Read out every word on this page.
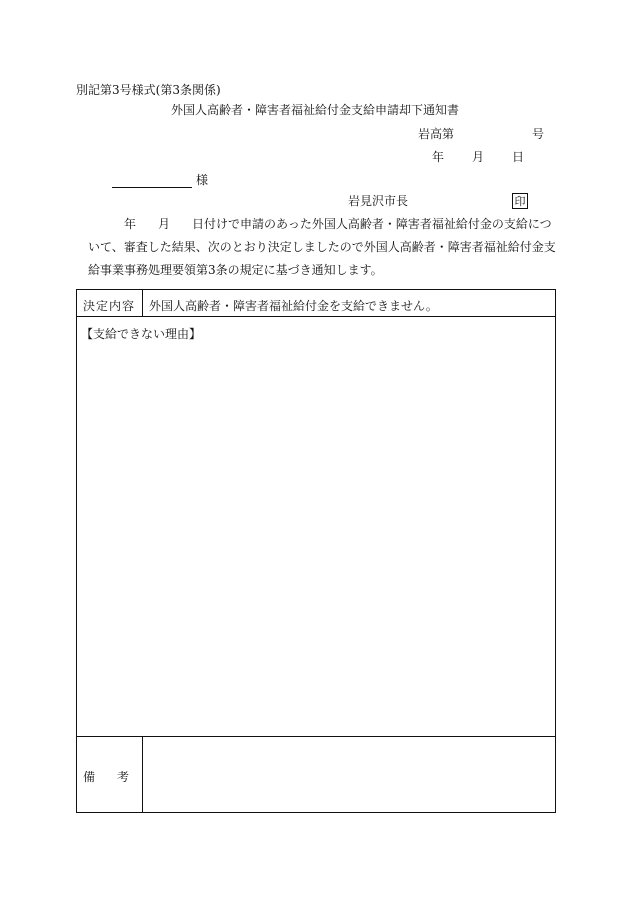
別記第3号様式(第3条関係)
外国人高齢者・障害者福祉給付金支給申請却下通知書
岩高第	号
年 月 日
様
岩見沢市長	印
年 月 日付けで申請のあった外国人高齢者・障害者福祉給付金の支給につ
いて、審査した結果、次のとおり決定しましたので外国人高齢者・障害者福祉給付金支
給事業事務処理要領第3条の規定に基づき通知します。
決定内容 外国人高齢者・障害者福祉給付金を支給できません。
【支給できない理由】
備 考
